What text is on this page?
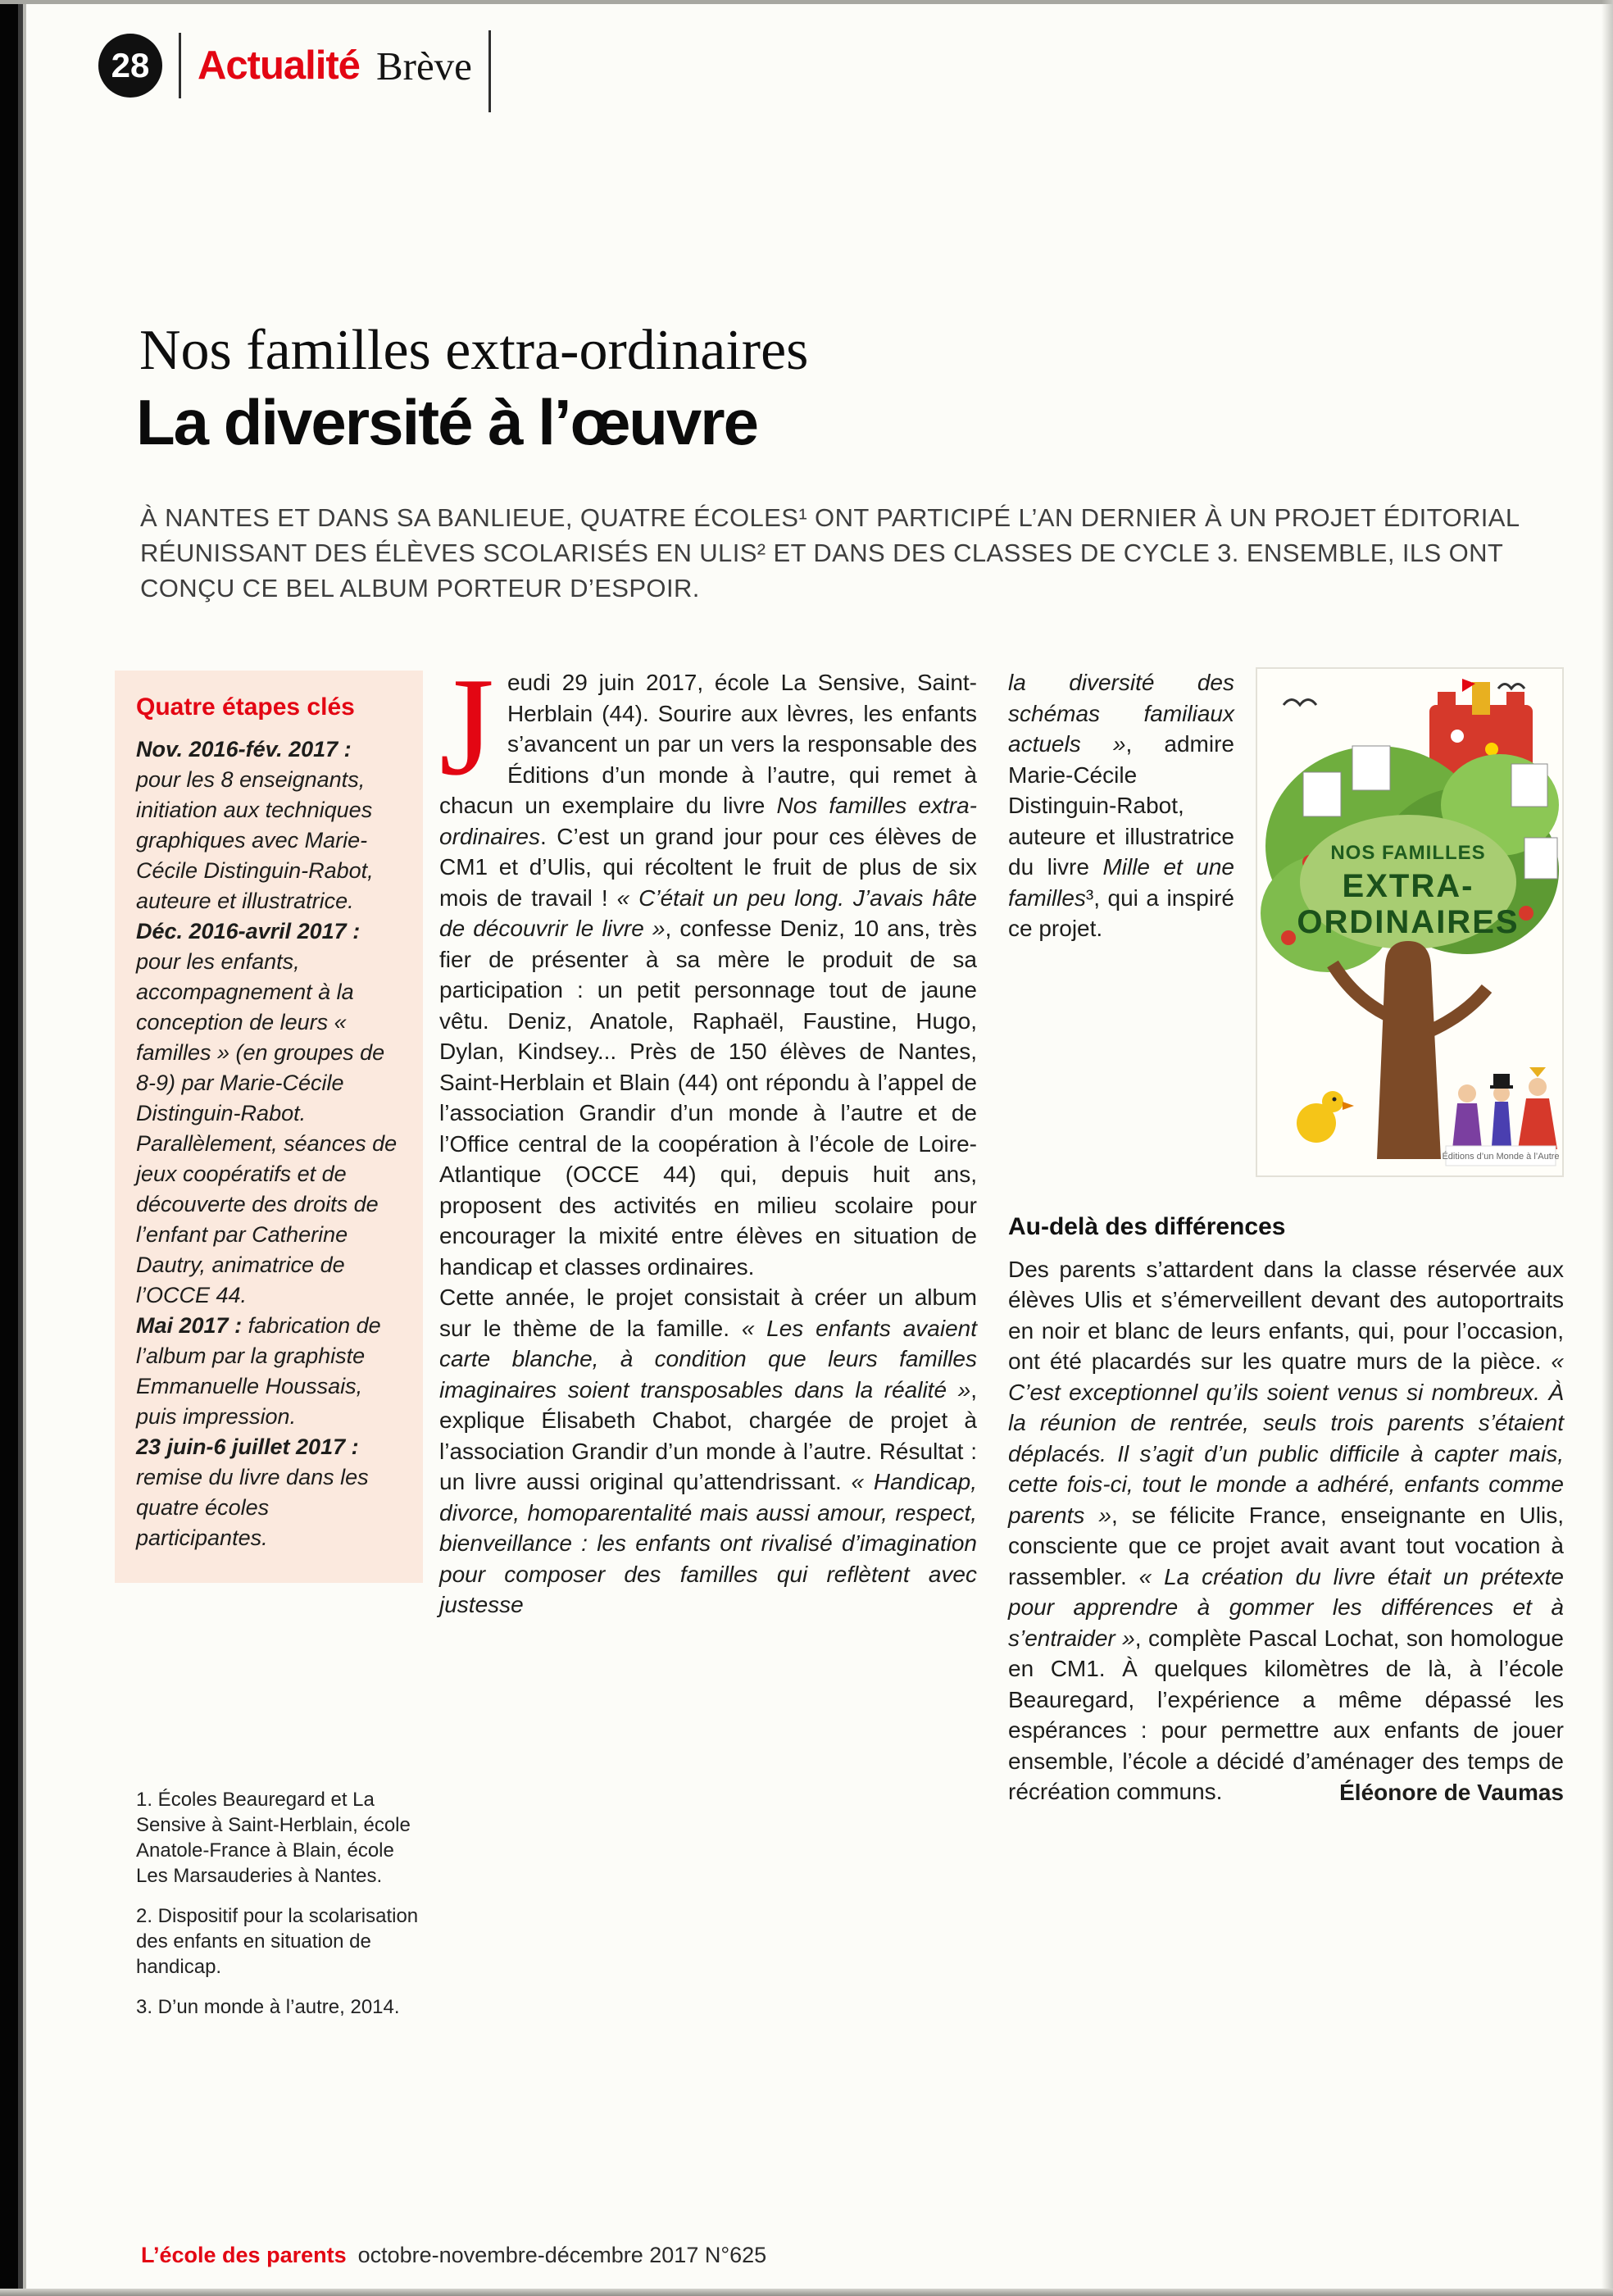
28	Actualité Brève
Nos familles extra-ordinaires
La diversité à l’œuvre
À NANTES ET DANS SA BANLIEUE, QUATRE ÉCOLES¹ ONT PARTICIPÉ L’AN DERNIER À UN PROJET ÉDITORIAL RÉUNISSANT DES ÉLÈVES SCOLARISÉS EN ULIS² ET DANS DES CLASSES DE CYCLE 3. ENSEMBLE, ILS ONT CONÇU CE BEL ALBUM PORTEUR D’ESPOIR.
Quatre étapes clés

Nov. 2016-fév. 2017 : pour les 8 enseignants, initiation aux techniques graphiques avec Marie-Cécile Distinguin-Rabot, auteure et illustratrice.

Déc. 2016-avril 2017 : pour les enfants, accompagnement à la conception de leurs « familles » (en groupes de 8-9) par Marie-Cécile Distinguin-Rabot. Parallèlement, séances de jeux coopératifs et de découverte des droits de l’enfant par Catherine Dautry, animatrice de l’OCCE 44.

Mai 2017 : fabrication de l’album par la graphiste Emmanuelle Houssais, puis impression.

23 juin-6 juillet 2017 : remise du livre dans les quatre écoles participantes.

1. Écoles Beauregard et La Sensive à Saint-Herblain, école Anatole-France à Blain, école Les Marsauderies à Nantes.

2. Dispositif pour la scolarisation des enfants en situation de handicap.

3. D’un monde à l’autre, 2014.

J eudi 29 juin 2017, école La Sensive, Saint-Herblain (44). Sourire aux lèvres, les enfants s’avancent un par un vers la responsable des Éditions d’un monde à l’autre, qui remet à chacun un exemplaire du livre Nos familles extra-ordinaires. C’est un grand jour pour ces élèves de CM1 et d’Ulis, qui récoltent le fruit de plus de six mois de travail ! « C’était un peu long. J’avais hâte de découvrir le livre », confesse Deniz, 10 ans, très fier de présenter à sa mère le produit de sa participation : un petit personnage tout de jaune vêtu. Deniz, Anatole, Raphaël, Faustine, Hugo, Dylan, Kindsey... Près de 150 élèves de Nantes, Saint-Herblain et Blain (44) ont répondu à l’appel de l’association Grandir d’un monde à l’autre et de l’Office central de la coopération à l’école de Loire-Atlantique (OCCE 44) qui, depuis huit ans, proposent des activités en milieu scolaire pour encourager la mixité entre élèves en situation de handicap et classes ordinaires.

Cette année, le projet consistait à créer un album sur le thème de la famille. « Les enfants avaient carte blanche, à condition que leurs familles imaginaires soient transposables dans la réalité », explique Élisabeth Chabot, chargée de projet à l’association Grandir d’un monde à l’autre. Résultat : un livre aussi original qu’attendrissant. « Handicap, divorce, homoparentalité mais aussi amour, respect, bienveillance : les enfants ont rivalisé d’imagination pour composer des familles qui reflètent avec justesse

la diversité des schémas familiaux actuels », admire Marie-Cécile Distinguin-Rabot, auteure et illustratrice du livre Mille et une familles³, qui a inspiré ce projet.

NOS FAMILLES
EXTRA-
ORDINAIRES
Éditions d’un Monde à l’Autre
Au-delà des différences

Des parents s’attardent dans la classe réservée aux élèves Ulis et s’émerveillent devant des autoportraits en noir et blanc de leurs enfants, qui, pour l’occasion, ont été placardés sur les quatre murs de la pièce. « C’est exceptionnel qu’ils soient venus si nombreux. À la réunion de rentrée, seuls trois parents s’étaient déplacés. Il s’agit d’un public difficile à capter mais, cette fois-ci, tout le monde a adhéré, enfants comme parents », se félicite France, enseignante en Ulis, consciente que ce projet avait avant tout vocation à rassembler. « La création du livre était un prétexte pour apprendre à gommer les différences et à s’entraider », complète Pascal Lochat, son homologue en CM1. À quelques kilomètres de là, à l’école Beauregard, l’expérience a même dépassé les espérances : pour permettre aux enfants de jouer ensemble, l’école a décidé d’aménager des temps de récréation communs.	Éléonore de Vaumas
L’école des parents octobre-novembre-décembre 2017 N°625
